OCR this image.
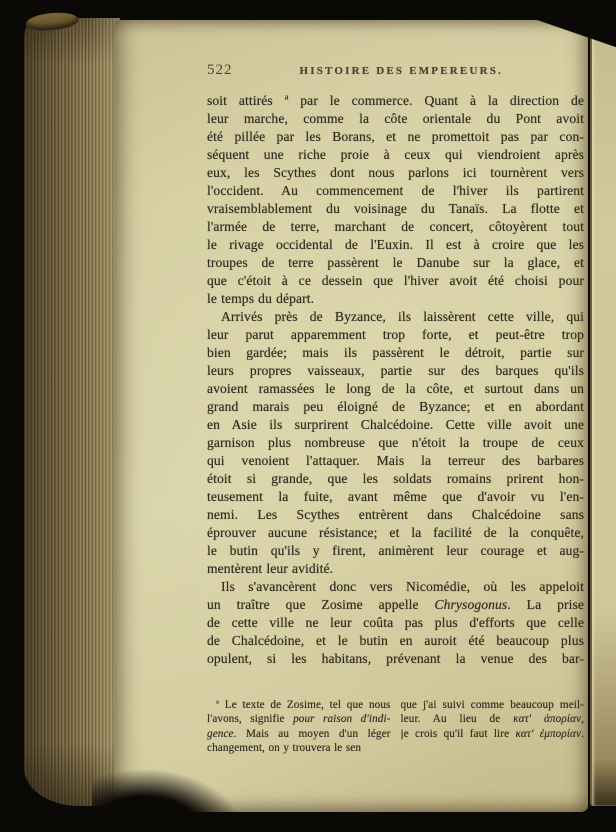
522	HISTOIRE DES EMPEREURS.
soit attirés $^a$ par le commerce. Quant à la direction de
leur marche, comme la côte orientale du Pont avoit
été pillée par les Borans, et ne promettoit pas par con-
séquent une riche proie à ceux qui viendroient après
eux, les Scythes dont nous parlons ici tournèrent vers
l'occident. Au commencement de l'hiver ils partirent
vraisemblablement du voisinage du Tanaïs. La flotte et
l'armée de terre, marchant de concert, côtoyèrent tout
le rivage occidental de l'Euxin. Il est à croire que les
troupes de terre passèrent le Danube sur la glace, et
que c'étoit à ce dessein que l'hiver avoit été choisi pour
le temps du départ.
Arrivés près de Byzance, ils laissèrent cette ville, qui
leur parut apparemment trop forte, et peut-être trop
bien gardée; mais ils passèrent le détroit, partie sur
leurs propres vaisseaux, partie sur des barques qu'ils
avoient ramassées le long de la côte, et surtout dans un
grand marais peu éloigné de Byzance; et en abordant
en Asie ils surprirent Chalcédoine. Cette ville avoit une
garnison plus nombreuse que n'étoit la troupe de ceux
qui venoient l'attaquer. Mais la terreur des barbares
étoit si grande, que les soldats romains prirent hon-
teusement la fuite, avant même que d'avoir vu l'en-
nemi. Les Scythes entrèrent dans Chalcédoine sans
éprouver aucune résistance; et la facilité de la conquête,
le butin qu'ils y firent, animèrent leur courage et aug-
mentèrent leur avidité.
Ils s'avancèrent donc vers Nicomédie, où les appeloit
un traître que Zosime appelle Chrysogonus. La prise
de cette ville ne leur coûta pas plus d'efforts que celle
de Chalcédoine, et le butin en auroit été beaucoup plus
opulent, si les habitans, prévenant la venue des bar-
$^a$ Le texte de Zosime, tel que nous
l'avons, signifie pour raison d'indi-
gence. Mais au moyen d'un léger
changement, on y trouvera le sen
que j'ai suivi comme beaucoup meil-
leur. Au lieu de κατ' ἀπορίαν,
je crois qu'il faut lire κατ' ἐμπορίαν.
